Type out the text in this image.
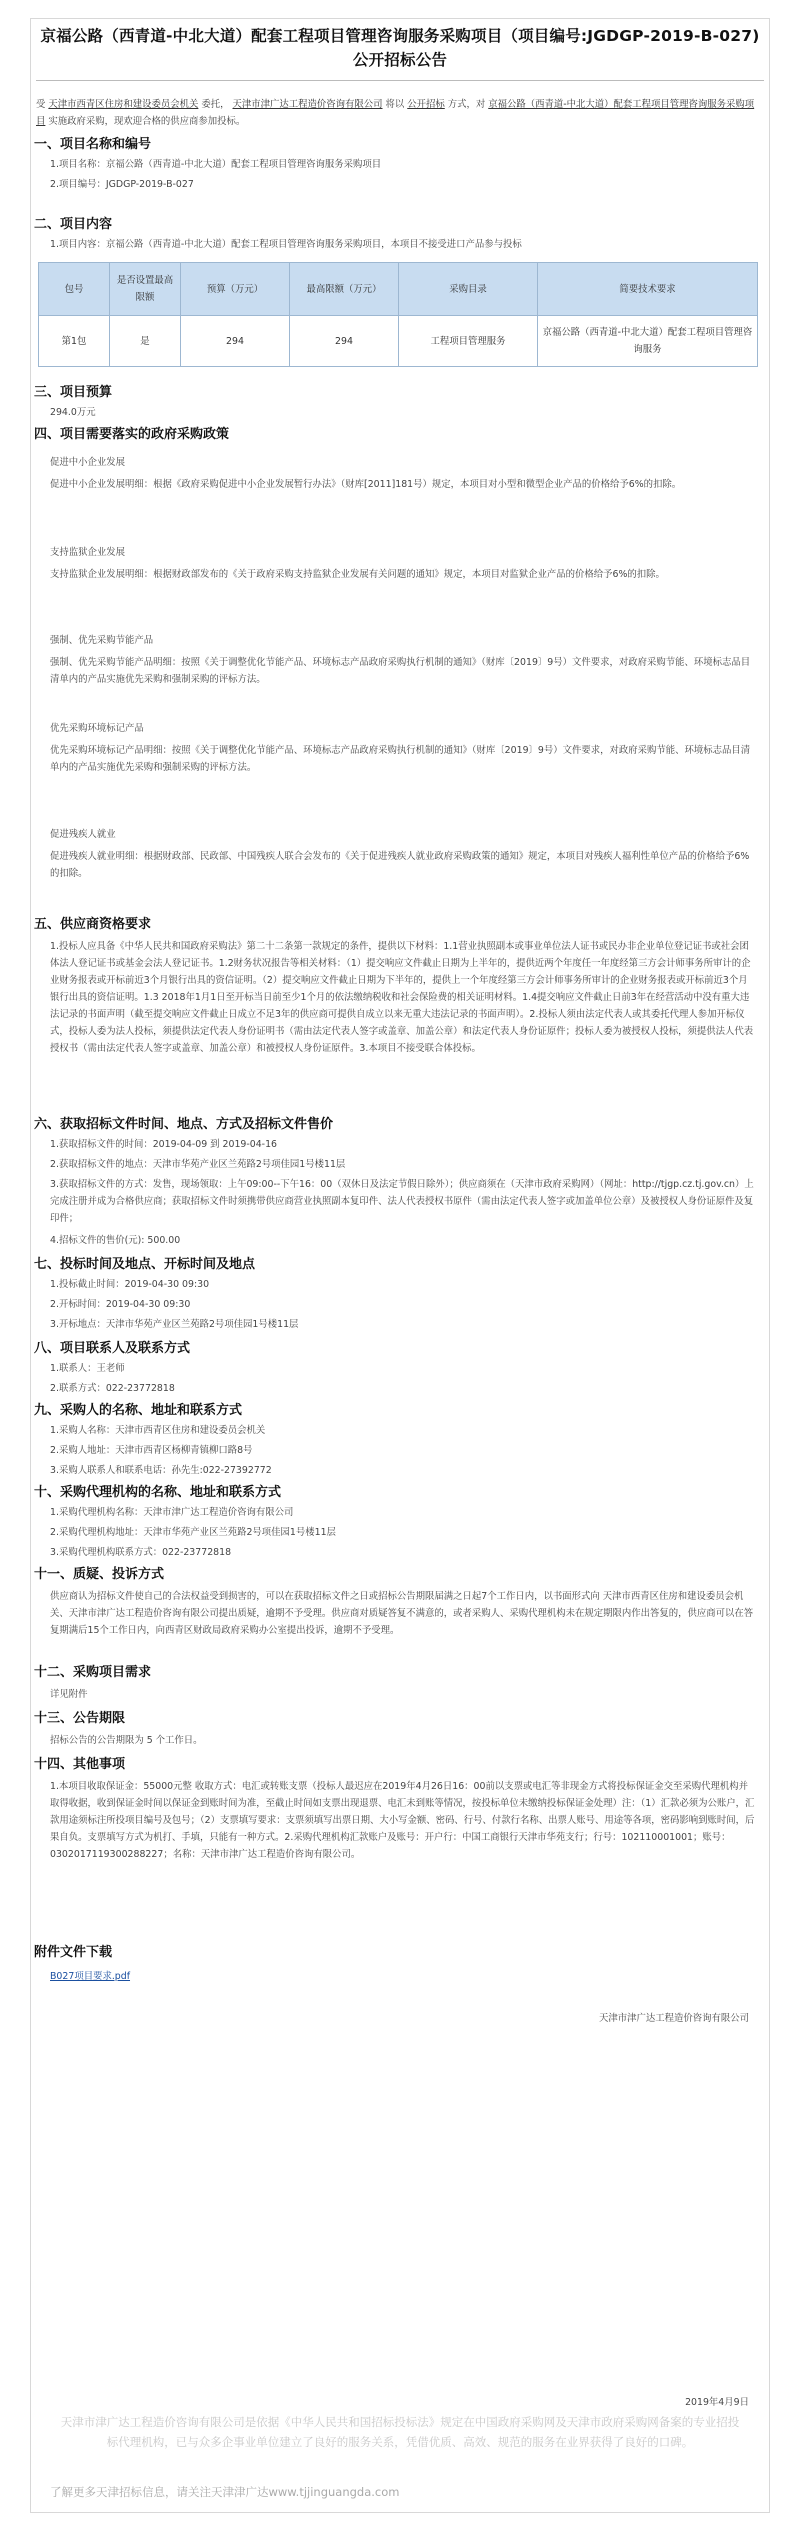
京福公路（西青道-中北大道）配套工程项目管理咨询服务采购项目（项目编号:JGDGP-2019-B-027)公开招标公告
受 天津市西青区住房和建设委员会机关 委托， 天津市津广达工程造价咨询有限公司 将以 公开招标 方式，对 京福公路（西青道-中北大道）配套工程项目管理咨询服务采购项目 实施政府采购，现欢迎合格的供应商参加投标。
一、项目名称和编号
1.项目名称：京福公路（西青道-中北大道）配套工程项目管理咨询服务采购项目
2.项目编号：JGDGP-2019-B-027
二、项目内容
1.项目内容：京福公路（西青道-中北大道）配套工程项目管理咨询服务采购项目，本项目不接受进口产品参与投标
包号	是否设置最高限额	预算（万元）	最高限额（万元）	采购目录	简要技术要求
第1包	是	294	294	工程项目管理服务	京福公路（西青道-中北大道）配套工程项目管理咨询服务
三、项目预算
294.0万元
四、项目需要落实的政府采购政策
促进中小企业发展
促进中小企业发展明细：根据《政府采购促进中小企业发展暂行办法》（财库[2011]181号）规定，本项目对小型和微型企业产品的价格给予6%的扣除。
支持监狱企业发展
支持监狱企业发展明细：根据财政部发布的《关于政府采购支持监狱企业发展有关问题的通知》规定，本项目对监狱企业产品的价格给予6%的扣除。
强制、优先采购节能产品
强制、优先采购节能产品明细：按照《关于调整优化节能产品、环境标志产品政府采购执行机制的通知》（财库〔2019〕9号）文件要求，对政府采购节能、环境标志品目清单内的产品实施优先采购和强制采购的评标方法。
优先采购环境标记产品
优先采购环境标记产品明细：按照《关于调整优化节能产品、环境标志产品政府采购执行机制的通知》（财库〔2019〕9号）文件要求，对政府采购节能、环境标志品目清单内的产品实施优先采购和强制采购的评标方法。
促进残疾人就业
促进残疾人就业明细：根据财政部、民政部、中国残疾人联合会发布的《关于促进残疾人就业政府采购政策的通知》规定，本项目对残疾人福利性单位产品的价格给予6%的扣除。
五、供应商资格要求
1.投标人应具备《中华人民共和国政府采购法》第二十二条第一款规定的条件，提供以下材料：1.1营业执照副本或事业单位法人证书或民办非企业单位登记证书或社会团体法人登记证书或基金会法人登记证书。1.2财务状况报告等相关材料：（1）提交响应文件截止日期为上半年的，提供近两个年度任一年度经第三方会计师事务所审计的企业财务报表或开标前近3个月银行出具的资信证明。（2）提交响应文件截止日期为下半年的，提供上一个年度经第三方会计师事务所审计的企业财务报表或开标前近3个月银行出具的资信证明。1.3 2018年1月1日至开标当日前至少1个月的依法缴纳税收和社会保险费的相关证明材料。1.4提交响应文件截止日前3年在经营活动中没有重大违法记录的书面声明（截至提交响应文件截止日成立不足3年的供应商可提供自成立以来无重大违法记录的书面声明）。2.投标人须由法定代表人或其委托代理人参加开标仪式，投标人委为法人投标，须提供法定代表人身份证明书（需由法定代表人签字或盖章、加盖公章）和法定代表人身份证原件；投标人委为被授权人投标，须提供法人代表授权书（需由法定代表人签字或盖章、加盖公章）和被授权人身份证原件。3.本项目不接受联合体投标。
六、获取招标文件时间、地点、方式及招标文件售价
1.获取招标文件的时间：2019-04-09 到 2019-04-16
2.获取招标文件的地点：天津市华苑产业区兰苑路2号项佳园1号楼11层
3.获取招标文件的方式：发售，现场领取：上午09:00--下午16：00（双休日及法定节假日除外）；供应商须在（天津市政府采购网）（网址：http://tjgp.cz.tj.gov.cn）上完成注册并成为合格供应商；获取招标文件时须携带供应商营业执照副本复印件、法人代表授权书原件（需由法定代表人签字或加盖单位公章）及被授权人身份证原件及复印件；
4.招标文件的售价(元): 500.00
七、投标时间及地点、开标时间及地点
1.投标截止时间：2019-04-30 09:30
2.开标时间：2019-04-30 09:30
3.开标地点：天津市华苑产业区兰苑路2号项佳园1号楼11层
八、项目联系人及联系方式
1.联系人：王老师
2.联系方式：022-23772818
九、采购人的名称、地址和联系方式
1.采购人名称：天津市西青区住房和建设委员会机关
2.采购人地址：天津市西青区杨柳青镇柳口路8号
3.采购人联系人和联系电话：孙先生:022-27392772
十、采购代理机构的名称、地址和联系方式
1.采购代理机构名称：天津市津广达工程造价咨询有限公司
2.采购代理机构地址：天津市华苑产业区兰苑路2号项佳园1号楼11层
3.采购代理机构联系方式：022-23772818
十一、质疑、投诉方式
供应商认为招标文件使自己的合法权益受到损害的，可以在获取招标文件之日或招标公告期限届满之日起7个工作日内，以书面形式向 天津市西青区住房和建设委员会机关、天津市津广达工程造价咨询有限公司提出质疑，逾期不予受理。供应商对质疑答复不满意的，或者采购人、采购代理机构未在规定期限内作出答复的，供应商可以在答复期满后15个工作日内，向西青区财政局政府采购办公室提出投诉，逾期不予受理。
十二、采购项目需求
详见附件
十三、公告期限
招标公告的公告期限为 5 个工作日。
十四、其他事项
1.本项目收取保证金：55000元整 收取方式：电汇或转账支票（投标人最迟应在2019年4月26日16：00前以支票或电汇等非现金方式将投标保证金交至采购代理机构并取得收据，收到保证金时间以保证金到账时间为准，至截止时间如支票出现退票、电汇未到账等情况，按投标单位未缴纳投标保证金处理）注：（1）汇款必须为公账户，汇款用途须标注所投项目编号及包号；（2）支票填写要求：支票须填写出票日期、大小写金额、密码、行号、付款行名称、出票人账号、用途等各项，密码影响到账时间，后果自负。支票填写方式为机打、手填，只能有一种方式。2.采购代理机构汇款账户及账号：开户行：中国工商银行天津市华苑支行；行号：102110001001；账号：0302017119300288227；名称：天津市津广达工程造价咨询有限公司。
附件文件下载
B027项目要求.pdf
天津市津广达工程造价咨询有限公司
2019年4月9日
天津市津广达工程造价咨询有限公司是依据《中华人民共和国招标投标法》规定在中国政府采购网及天津市政府采购网备案的专业招投标代理机构，已与众多企事业单位建立了良好的服务关系，凭借优质、高效、规范的服务在业界获得了良好的口碑。
了解更多天津招标信息，请关注天津津广达www.tjjinguangda.com
